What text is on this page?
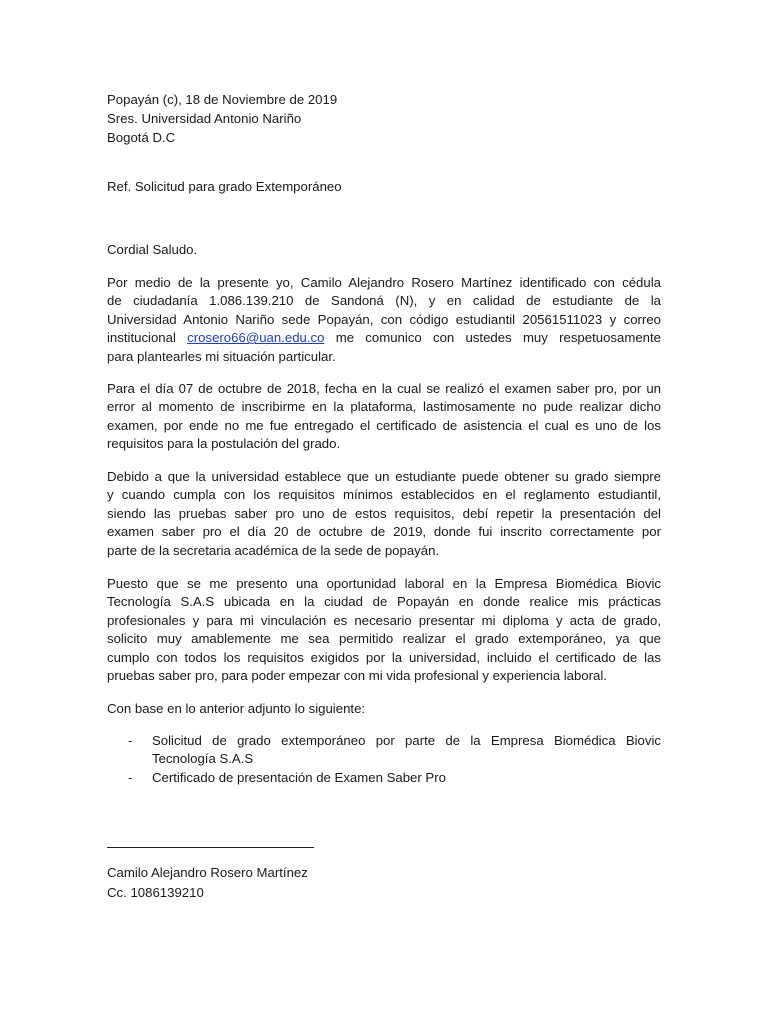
Popayán (c), 18 de Noviembre de 2019
Sres. Universidad Antonio Nariño
Bogotá D.C
Ref. Solicitud para grado Extemporáneo
Cordial Saludo.
Por medio de la presente yo, Camilo Alejandro Rosero Martínez identificado con cédula
de ciudadanía 1.086.139.210 de Sandoná (N), y en calidad de estudiante de la
Universidad Antonio Nariño sede Popayán, con código estudiantil 20561511023 y correo
institucional crosero66@uan.edu.co me comunico con ustedes muy respetuosamente
para plantearles mi situación particular.
Para el día 07 de octubre de 2018, fecha en la cual se realizó el examen saber pro, por un
error al momento de inscribirme en la plataforma, lastimosamente no pude realizar dicho
examen, por ende no me fue entregado el certificado de asistencia el cual es uno de los
requisitos para la postulación del grado.
Debido a que la universidad establece que un estudiante puede obtener su grado siempre
y cuando cumpla con los requisitos mínimos establecidos en el reglamento estudiantil,
siendo las pruebas saber pro uno de estos requisitos, debí repetir la presentación del
examen saber pro el día 20 de octubre de 2019, donde fui inscrito correctamente por
parte de la secretaria académica de la sede de popayán.
Puesto que se me presento una oportunidad laboral en la Empresa Biomédica Biovic
Tecnología S.A.S ubicada en la ciudad de Popayán en donde realice mis prácticas
profesionales y para mi vinculación es necesario presentar mi diploma y acta de grado,
solicito muy amablemente me sea permitido realizar el grado extemporáneo, ya que
cumplo con todos los requisitos exigidos por la universidad, incluido el certificado de las
pruebas saber pro, para poder empezar con mi vida profesional y experiencia laboral.
Con base en lo anterior adjunto lo siguiente:
- Solicitud de grado extemporáneo por parte de la Empresa Biomédica Biovic
Tecnología S.A.S
- Certificado de presentación de Examen Saber Pro
Camilo Alejandro Rosero Martínez
Cc. 1086139210
